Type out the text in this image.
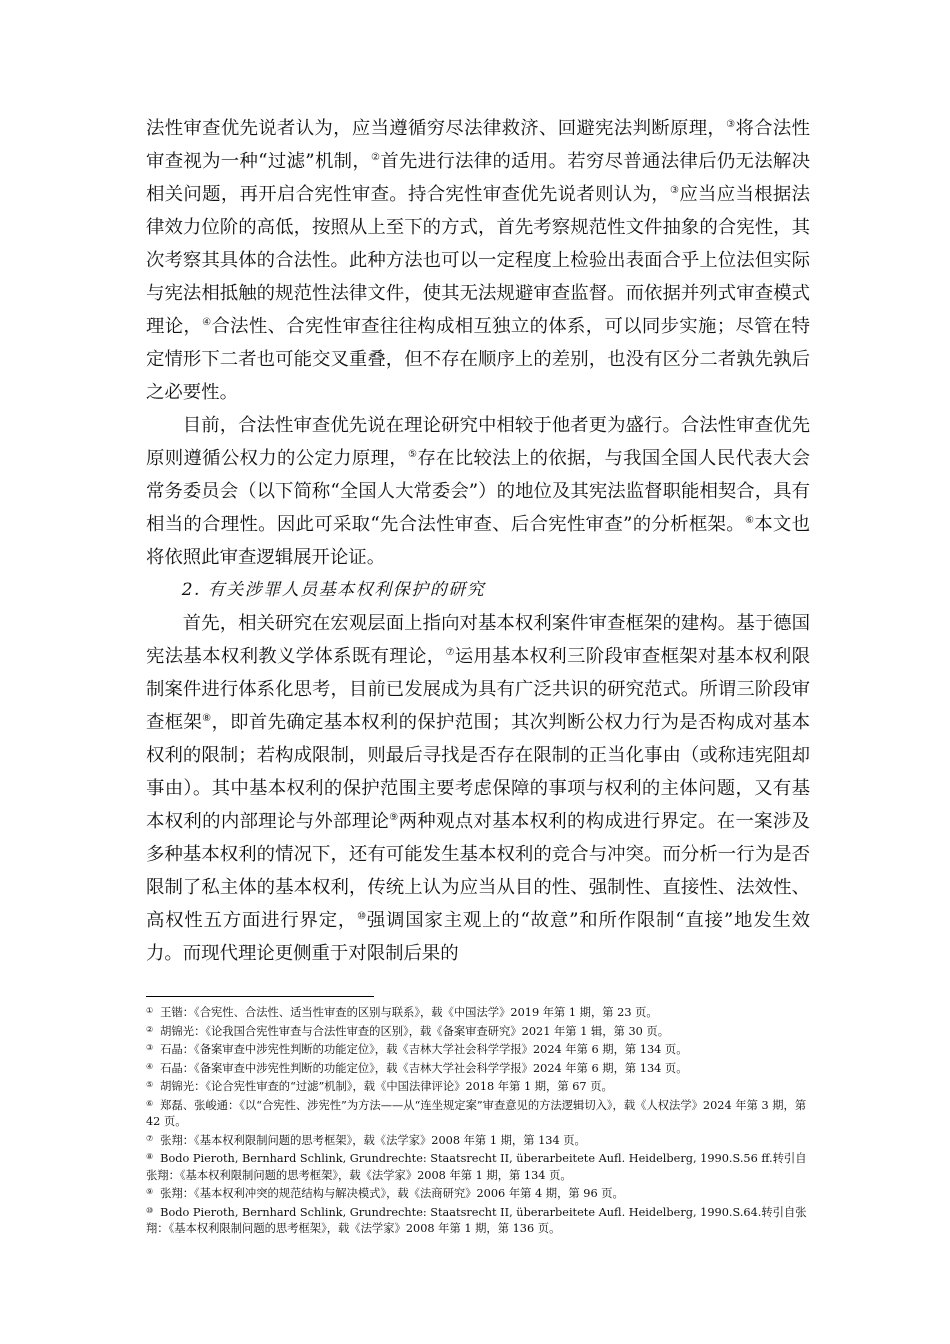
法性审查优先说者认为，应当遵循穷尽法律救济、回避宪法判断原理，③将合法性审查视为一种“过滤”机制，②首先进行法律的适用。若穷尽普通法律后仍无法解决相关问题，再开启合宪性审查。持合宪性审查优先说者则认为，③应当应当根据法律效力位阶的高低，按照从上至下的方式，首先考察规范性文件抽象的合宪性，其次考察其具体的合法性。此种方法也可以一定程度上检验出表面合乎上位法但实际与宪法相抵触的规范性法律文件，使其无法规避审查监督。而依据并列式审查模式理论，④合法性、合宪性审查往往构成相互独立的体系，可以同步实施；尽管在特定情形下二者也可能交叉重叠，但不存在顺序上的差别，也没有区分二者孰先孰后之必要性。

目前，合法性审查优先说在理论研究中相较于他者更为盛行。合法性审查优先原则遵循公权力的公定力原理，⑤存在比较法上的依据，与我国全国人民代表大会常务委员会（以下简称“全国人大常委会”）的地位及其宪法监督职能相契合，具有相当的合理性。因此可采取“先合法性审查、后合宪性审查”的分析框架。⑥本文也将依照此审查逻辑展开论证。

2. 有关涉罪人员基本权利保护的研究

首先，相关研究在宏观层面上指向对基本权利案件审查框架的建构。基于德国宪法基本权利教义学体系既有理论，⑦运用基本权利三阶段审查框架对基本权利限制案件进行体系化思考，目前已发展成为具有广泛共识的研究范式。所谓三阶段审查框架⑧，即首先确定基本权利的保护范围；其次判断公权力行为是否构成对基本权利的限制；若构成限制，则最后寻找是否存在限制的正当化事由（或称违宪阻却事由）。其中基本权利的保护范围主要考虑保障的事项与权利的主体问题，又有基本权利的内部理论与外部理论⑨两种观点对基本权利的构成进行界定。在一案涉及多种基本权利的情况下，还有可能发生基本权利的竞合与冲突。而分析一行为是否限制了私主体的基本权利，传统上认为应当从目的性、强制性、直接性、法效性、高权性五方面进行界定，⑩强调国家主观上的“故意”和所作限制“直接”地发生效力。而现代理论更侧重于对限制后果的

① 王锴：《合宪性、合法性、适当性审查的区别与联系》，载《中国法学》2019 年第 1 期，第 23 页。

② 胡锦光：《论我国合宪性审查与合法性审查的区别》，载《备案审查研究》2021 年第 1 辑，第 30 页。

③ 石晶：《备案审查中涉宪性判断的功能定位》，载《吉林大学社会科学学报》2024 年第 6 期，第 134 页。

④ 石晶：《备案审查中涉宪性判断的功能定位》，载《吉林大学社会科学学报》2024 年第 6 期，第 134 页。

⑤ 胡锦光：《论合宪性审查的“过滤”机制》，载《中国法律评论》2018 年第 1 期，第 67 页。

⑥ 郑磊、张峻通：《以“合宪性、涉宪性”为方法——从“连坐规定案”审查意见的方法逻辑切入》，载《人权法学》2024 年第 3 期，第 42 页。

⑦ 张翔：《基本权利限制问题的思考框架》，载《法学家》2008 年第 1 期，第 134 页。

⑧ Bodo Pieroth, Bernhard Schlink, Grundrechte: Staatsrecht II, überarbeitete Aufl. Heidelberg, 1990.S.56 ff.转引自张翔：《基本权利限制问题的思考框架》，载《法学家》2008 年第 1 期，第 134 页。

⑨ 张翔：《基本权利冲突的规范结构与解决模式》，载《法商研究》2006 年第 4 期，第 96 页。

⑩ Bodo Pieroth, Bernhard Schlink, Grundrechte: Staatsrecht II, überarbeitete Aufl. Heidelberg, 1990.S.64.转引自张翔：《基本权利限制问题的思考框架》，载《法学家》2008 年第 1 期，第 136 页。
